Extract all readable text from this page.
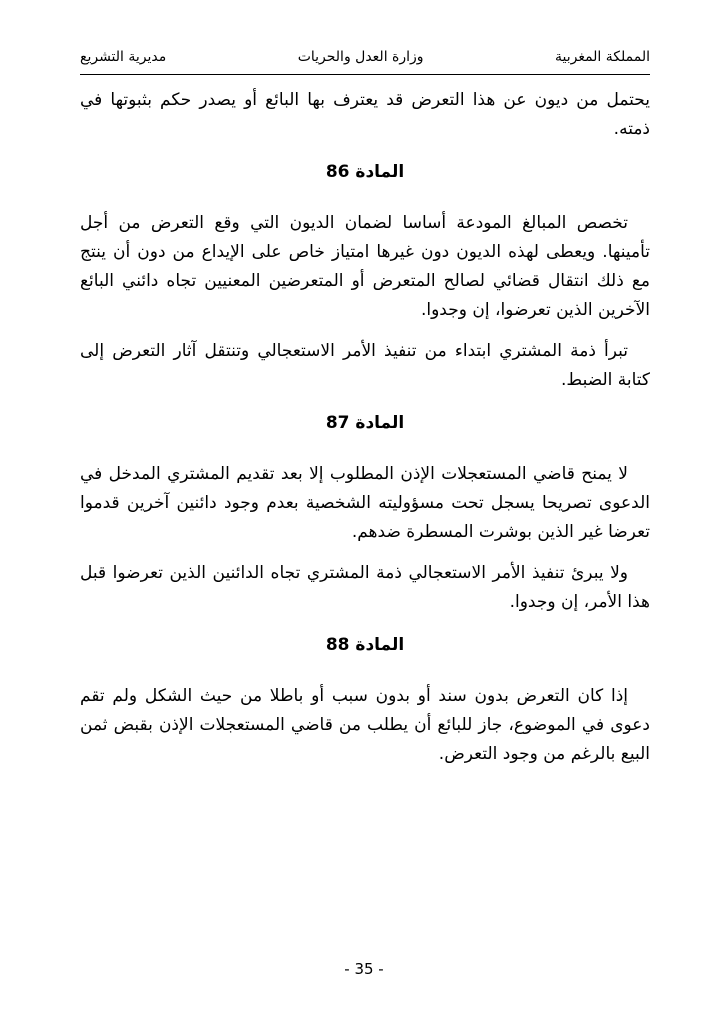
المملكة المغربية
وزارة العدل والحريات
مديرية التشريع

يحتمل من ديون عن هذا التعرض قد يعترف بها البائع أو يصدر حكم بثبوتها في ذمته.

المادة 86

تخصص المبالغ المودعة أساسا لضمان الديون التي وقع التعرض من أجل تأمينها. ويعطى لهذه الديون دون غيرها امتياز خاص على الإيداع من دون أن ينتج مع ذلك انتقال قضائي لصالح المتعرض أو المتعرضين المعنيين تجاه دائني البائع الآخرين الذين تعرضوا، إن وجدوا.

تبرأ ذمة المشتري ابتداء من تنفيذ الأمر الاستعجالي وتنتقل آثار التعرض إلى كتابة الضبط.

المادة 87

لا يمنح قاضي المستعجلات الإذن المطلوب إلا بعد تقديم المشتري المدخل في الدعوى تصريحا يسجل تحت مسؤوليته الشخصية بعدم وجود دائنين آخرين قدموا تعرضا غير الذين بوشرت المسطرة ضدهم.

ولا يبرئ تنفيذ الأمر الاستعجالي ذمة المشتري تجاه الدائنين الذين تعرضوا قبل هذا الأمر، إن وجدوا.

المادة 88

إذا كان التعرض بدون سند أو بدون سبب أو باطلا من حيث الشكل ولم تقم دعوى في الموضوع، جاز للبائع أن يطلب من قاضي المستعجلات الإذن بقبض ثمن البيع بالرغم من وجود التعرض.

- 35 -
